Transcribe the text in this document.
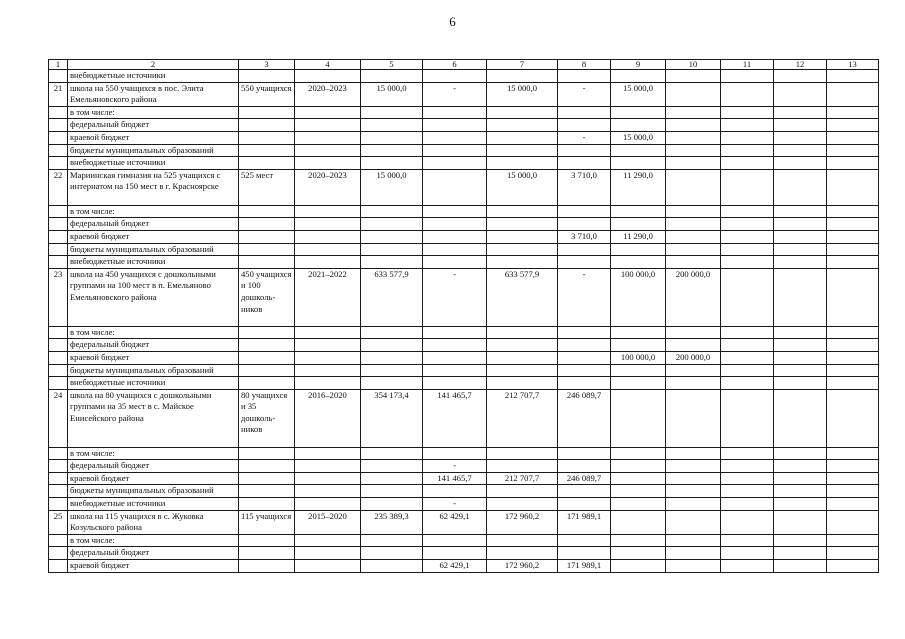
6
1	2	3	4	5	6	7	8	9	10	11	12	13
	внебюджетные источники											
21	школа на 550 учащихся в пос. Элита Емельяновского района	550 учащихся	2020–2023	15 000,0	-	15 000,0	-	15 000,0				
	в том числе:											
	федеральный бюджет											
	краевой бюджет						-	15 000,0				
	бюджеты муниципальных образований											
	внебюджетные источники											
22	Мариинская гимназия на 525 учащихся с интернатом на 150 мест в г. Красноярске	525 мест	2020–2023	15 000,0		15 000,0	3 710,0	11 290,0				
	в том числе:											
	федеральный бюджет											
	краевой бюджет						3 710,0	11 290,0				
	бюджеты муниципальных образований											
	внебюджетные источники											
23	школа на 450 учащихся с дошкольными группами на 100 мест в п. Емельяново Емельяновского района	450 учащихся и 100 дошколь- ников	2021–2022	633 577,9	-	633 577,9	-	100 000,0	200 000,0			
	в том числе:											
	федеральный бюджет											
	краевой бюджет							100 000,0	200 000,0			
	бюджеты муниципальных образований											
	внебюджетные источники											
24	школа на 80 учащихся с дошкольными группами на 35 мест в с. Майское Енисейского района	80 учащихся и 35 дошколь- ников	2016–2020	354 173,4	141 465,7	212 707,7	246 089,7					
	в том числе:											
	федеральный бюджет				-							
	краевой бюджет				141 465,7	212 707,7	246 089,7					
	бюджеты муниципальных образований											
	внебюджетные источники				-							
25	школа на 115 учащихся в с. Жуковка Козульского района	115 учащихся	2015–2020	235 389,3	62 429,1	172 960,2	171 989,1					
	в том числе:											
	федеральный бюджет											
	краевой бюджет				62 429,1	172 960,2	171 989,1					
